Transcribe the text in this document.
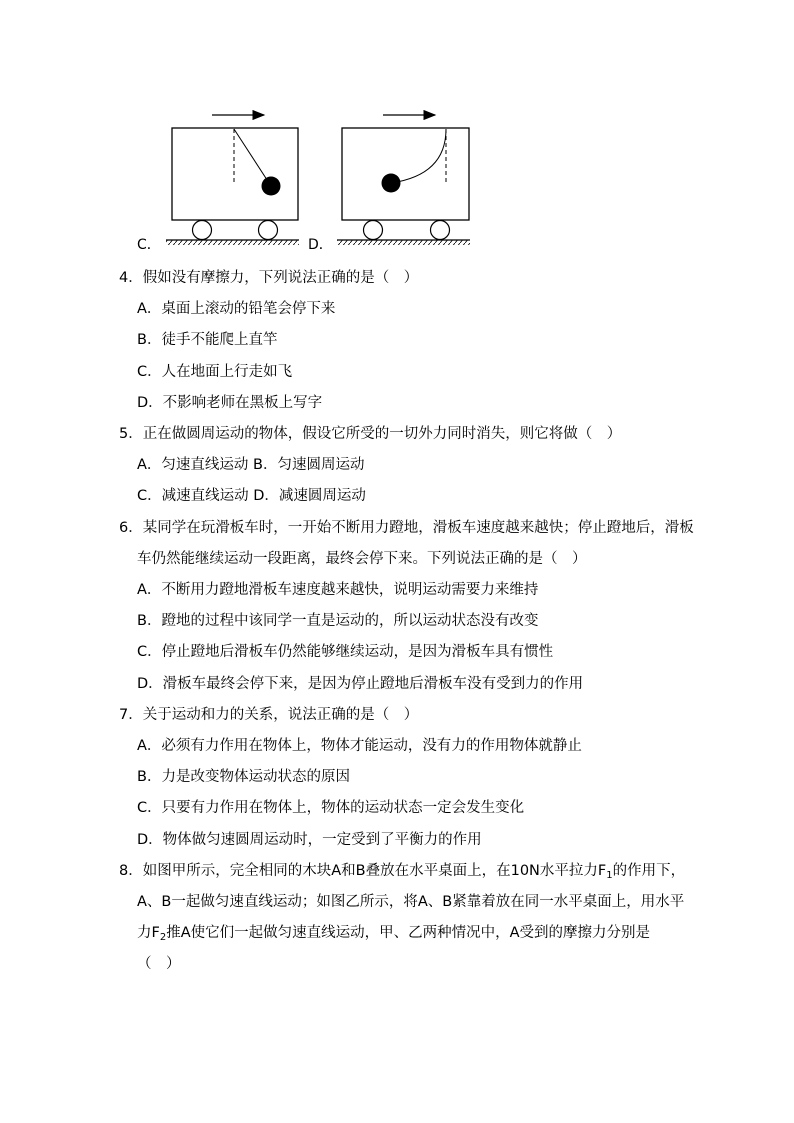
C．	D．
4．假如没有摩擦力，下列说法正确的是（　）
A．桌面上滚动的铅笔会停下来
B．徒手不能爬上直竿
C．人在地面上行走如飞
D．不影响老师在黑板上写字
5．正在做圆周运动的物体，假设它所受的一切外力同时消失，则它将做（　）
A．匀速直线运动 B．匀速圆周运动
C．减速直线运动 D．减速圆周运动
6．某同学在玩滑板车时，一开始不断用力蹬地，滑板车速度越来越快；停止蹬地后，滑板
车仍然能继续运动一段距离，最终会停下来。下列说法正确的是（　）
A．不断用力蹬地滑板车速度越来越快，说明运动需要力来维持
B．蹬地的过程中该同学一直是运动的，所以运动状态没有改变
C．停止蹬地后滑板车仍然能够继续运动，是因为滑板车具有惯性
D．滑板车最终会停下来，是因为停止蹬地后滑板车没有受到力的作用
7．关于运动和力的关系，说法正确的是（　）
A．必须有力作用在物体上，物体才能运动，没有力的作用物体就静止
B．力是改变物体运动状态的原因
C．只要有力作用在物体上，物体的运动状态一定会发生变化
D．物体做匀速圆周运动时，一定受到了平衡力的作用
8．如图甲所示，完全相同的木块A和B叠放在水平桌面上，在10N水平拉力$F_1$的作用下，
A、B一起做匀速直线运动；如图乙所示，将A、B紧靠着放在同一水平桌面上，用水平
力$F_2$推A使它们一起做匀速直线运动，甲、乙两种情况中，A受到的摩擦力分别是
（　）
